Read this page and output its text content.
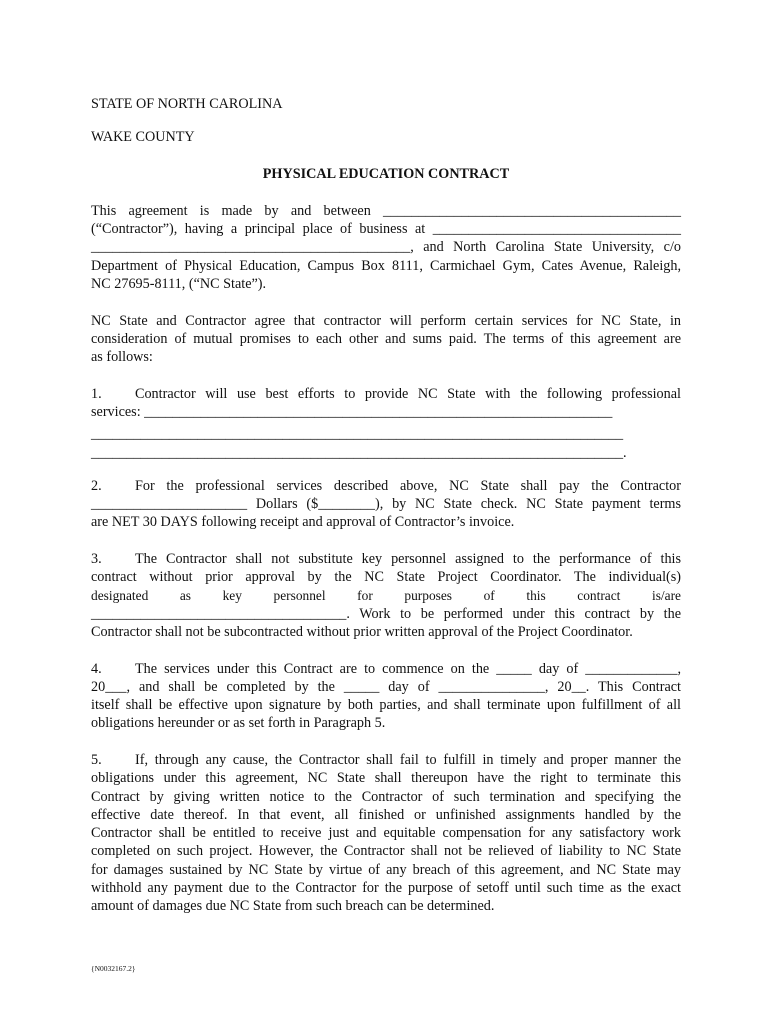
STATE OF NORTH CAROLINA
WAKE COUNTY
PHYSICAL EDUCATION CONTRACT
This agreement is made by and between __________________________________________
(“Contractor”), having a principal place of business at ___________________________________
_____________________________________________, and North Carolina State University, c/o
Department of Physical Education, Campus Box 8111, Carmichael Gym, Cates Avenue, Raleigh,
NC 27695-8111, (“NC State”).
NC State and Contractor agree that contractor will perform certain services for NC State, in
consideration of mutual promises to each other and sums paid. The terms of this agreement are
as follows:
1. Contractor will use best efforts to provide NC State with the following professional
services: __________________________________________________________________
___________________________________________________________________________
___________________________________________________________________________.
2. For the professional services described above, NC State shall pay the Contractor
______________________ Dollars ($________), by NC State check. NC State payment terms
are NET 30 DAYS following receipt and approval of Contractor’s invoice.
3. The Contractor shall not substitute key personnel assigned to the performance of this
contract without prior approval by the NC State Project Coordinator. The individual(s)
designated as key personnel for purposes of this contract is/are
____________________________________. Work to be performed under this contract by the
Contractor shall not be subcontracted without prior written approval of the Project Coordinator.
4. The services under this Contract are to commence on the _____ day of _____________,
20___, and shall be completed by the _____ day of _______________, 20__. This Contract
itself shall be effective upon signature by both parties, and shall terminate upon fulfillment of all
obligations hereunder or as set forth in Paragraph 5.
5. If, through any cause, the Contractor shall fail to fulfill in timely and proper manner the
obligations under this agreement, NC State shall thereupon have the right to terminate this
Contract by giving written notice to the Contractor of such termination and specifying the
effective date thereof. In that event, all finished or unfinished assignments handled by the
Contractor shall be entitled to receive just and equitable compensation for any satisfactory work
completed on such project. However, the Contractor shall not be relieved of liability to NC State
for damages sustained by NC State by virtue of any breach of this agreement, and NC State may
withhold any payment due to the Contractor for the purpose of setoff until such time as the exact
amount of damages due NC State from such breach can be determined.
{N0032167.2}
